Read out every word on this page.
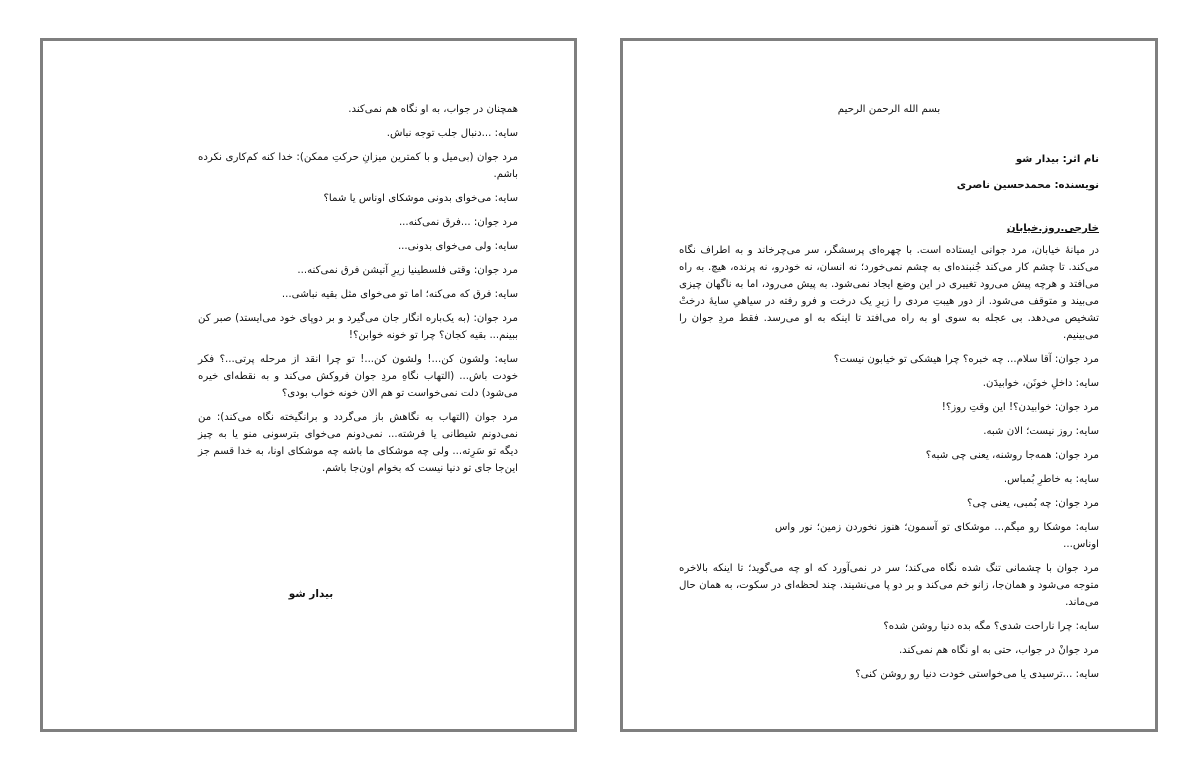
همچنان در جواب، به او نگاه هم نمی‌کند.

سایه: ...دنبال جلب توجه نباش.

مرد جوان (بی‌میل و با کمترین میزانِ حرکتِ ممکن): خدا کنه کم‌کاری نکرده باشم.

سایه: می‌خوای بدونی موشکای اوناس یا شما؟

مرد جوان: ...فرق نمی‌کنه...

سایه: ولی می‌خوای بدونی...

مرد جوان: وقتی فلسطینیا زیرِ آتیشن فرق نمی‌کنه...

سایه: فرق که می‌کنه؛ اما تو می‌خوای مثل بقیه نباشی...

مرد جوان: (به یک‌باره انگار جان می‌گیرد و بر دوپای خود می‌ایستد) صبر کن ببینم... بقیه کجان؟ چرا تو خونه خوابن؟!

سایه: ولشون کن...! ولشون کن...! تو چرا انقد از مرحله پرتی...؟ فکر خودت باش... (التهاب نگاهِ مردِ جوان فروکش می‌کند و به نقطه‌ای خیره می‌شود) دلت نمی‌خواست تو هم الان خونه خواب بودی؟

مرد جوان (التهاب به نگاهش باز می‌گردد و برانگیخته نگاه می‌کند): من نمی‌دونم شیطانی یا فرشته... نمی‌دونم می‌خوای بترسونی منو یا به چیز دیگه تو سَرِته... ولی چه موشکای ما باشه چه موشکای اونا، به خدا قسم جز این‌جا جای تو دنیا نیست که بخوام اون‌جا باشم.

بیدار شو

بسم الله الرحمن الرحیم

نام اثر: بیدار شو

نویسنده: محمدحسین ناصری

خارجی.روز.خیابان

در میانهٔ خیابان، مرد جوانی ایستاده است. با چهره‌ای پرسشگر، سر می‌چرخاند و به اطراف نگاه می‌کند. تا چشم کار می‌کند جُنبنده‌ای به چشم نمی‌خورد؛ نه انسان، نه خودرو، نه پرنده، هیچ. به راه می‌افتد و هرچه پیش می‌رود تغییری در این وضع ایجاد نمی‌شود. به پیش می‌رود، اما به ناگهان چیزی می‌بیند و متوقف می‌شود. از دور هیبتِ مردی را زیرِ یک درخت و فرو رفته در سیاهیِ سایهٔ درختْ تشخیص می‌دهد. بی عجله به سوی او به راه می‌افتد تا اینکه به او می‌رسد. فقط مردِ جوان را می‌بینیم.

مرد جوان: آقا سلام... چه خبره؟ چرا هیشکی تو خیابون نیست؟

سایه: داخلِ خونَن، خوابیدَن.

مرد جوان: خوابیدن؟! این وقتِ روز؟!

سایه: روز نیست؛ الان شبه.

مرد جوان: همه‌جا روشنه، یعنی چی شبه؟

سایه: به خاطرِ بُمباس.

مرد جوان: چه بُمبی، یعنی چی؟

سایه: موشکا رو میگم... موشکای تو آسمون؛ هنوز نخوردن زمین؛ نور واس اوناس...

مرد جوان با چشمانی تنگ شده نگاه می‌کند؛ سر در نمی‌آورد که او چه می‌گوید؛ تا اینکه بالاخره متوجه می‌شود و همان‌جا، زانو خم می‌کند و بر دو پا می‌نشیند. چند لحظه‌ای در سکوت، به همان حال می‌ماند.

سایه: چرا ناراحت شدی؟ مگه بده دنیا روشن شده؟

مرد جوانْ در جواب، حتی به او نگاه هم نمی‌کند.

سایه: ...ترسیدی یا می‌خواستی خودت دنیا رو روشن کنی؟
